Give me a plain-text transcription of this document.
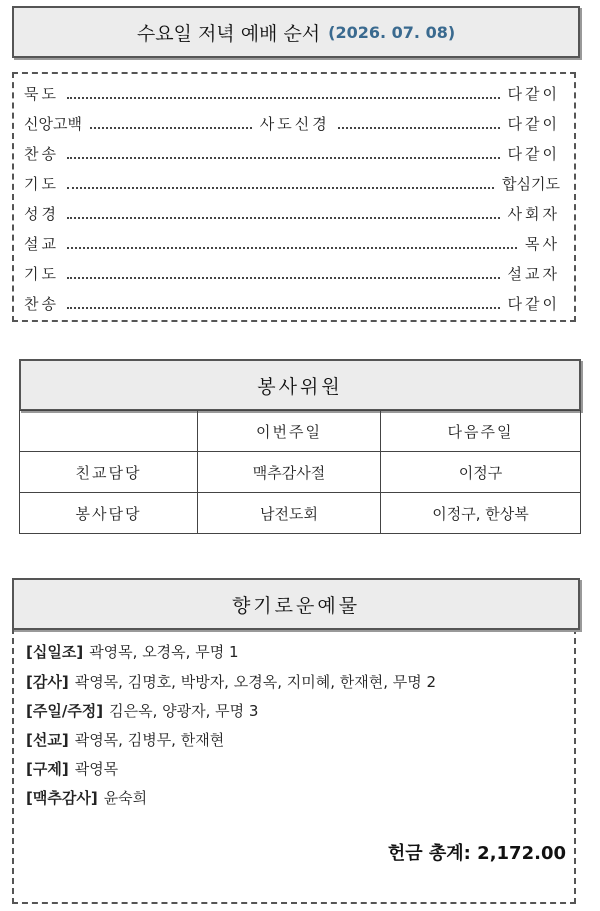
수요일 저녁 예배 순서 (2026. 07. 08)
묵도	다같이
신앙고백	사도신경	다같이
찬송	다같이
기도	합심기도
성경	사회자
설교	목사
기도	설교자
찬송	다같이
봉사위원
	이번주일	다음주일
친교담당	맥추감사절	이정구
봉사담당	남전도회	이정구, 한상복
향기로운예물
[십일조] 곽영목, 오경옥, 무명 1
[감사] 곽영목, 김명호, 박방자, 오경옥, 지미혜, 한재현, 무명 2
[주일/주정] 김은옥, 양광자, 무명 3
[선교] 곽영목, 김병무, 한재현
[구제] 곽영목
[맥추감사] 윤숙희
헌금 총계: 2,172.00
